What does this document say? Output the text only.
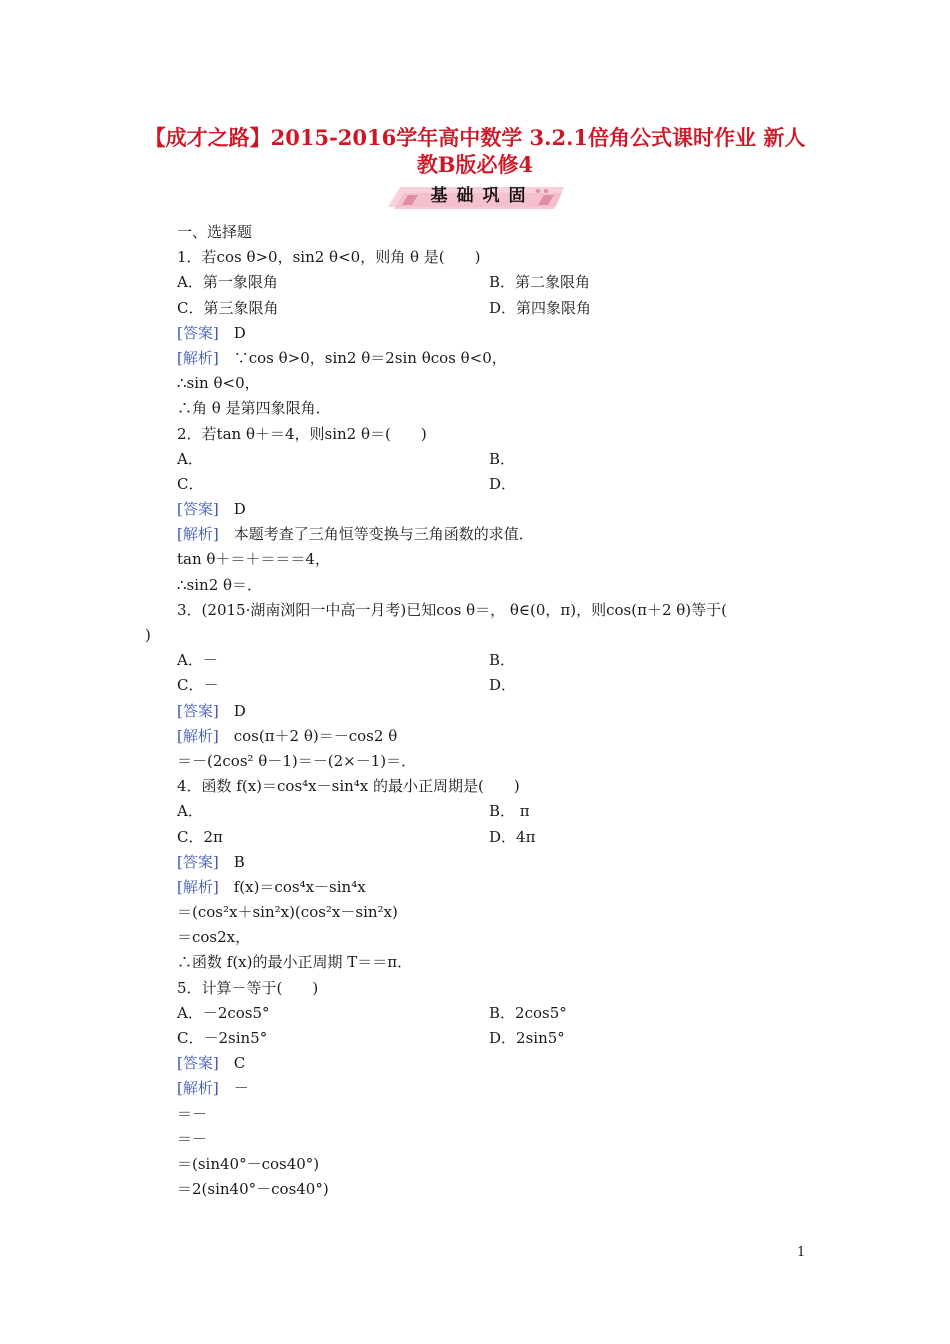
【成才之路】2015-2016学年高中数学 3.2.1倍角公式课时作业 新人
教B版必修4
基础巩固
一、选择题
1．若cos θ>0，sin2 θ<0，则角 θ 是(　　)
A．第一象限角	B．第二象限角
C．第三象限角	D．第四象限角
[答案]　D
[解析]　∵cos θ>0，sin2 θ＝2sin θcos θ<0，
∴sin θ<0，
∴角 θ 是第四象限角．
2．若tan θ＋＝4，则sin2 θ＝(　　)
A．	B．
C．	D．
[答案]　D
[解析]　本题考查了三角恒等变换与三角函数的求值．
tan θ＋＝＋＝＝＝4，
∴sin2 θ＝．
3．(2015·湖南浏阳一中高一月考)已知cos θ＝， θ∈(0，π)，则cos(π＋2 θ)等于(
)
A．－	B．
C．－	D．
[答案]　D
[解析]　cos(π＋2 θ)＝－cos2 θ
＝－(2cos² θ－1)＝－(2×－1)＝．
4．函数 f(x)＝cos⁴x－sin⁴x 的最小正周期是(　　)
A．	B． π
C．2π	D．4π
[答案]　B
[解析]　f(x)＝cos⁴x－sin⁴x
＝(cos²x＋sin²x)(cos²x－sin²x)
＝cos2x，
∴函数 f(x)的最小正周期 T＝＝π．
5．计算－等于(　　)
A．－2cos5°	B．2cos5°
C．－2sin5°	D．2sin5°
[答案]　C
[解析]　－
＝－
＝－
＝(sin40°－cos40°)
＝2(sin40°－cos40°)
1
